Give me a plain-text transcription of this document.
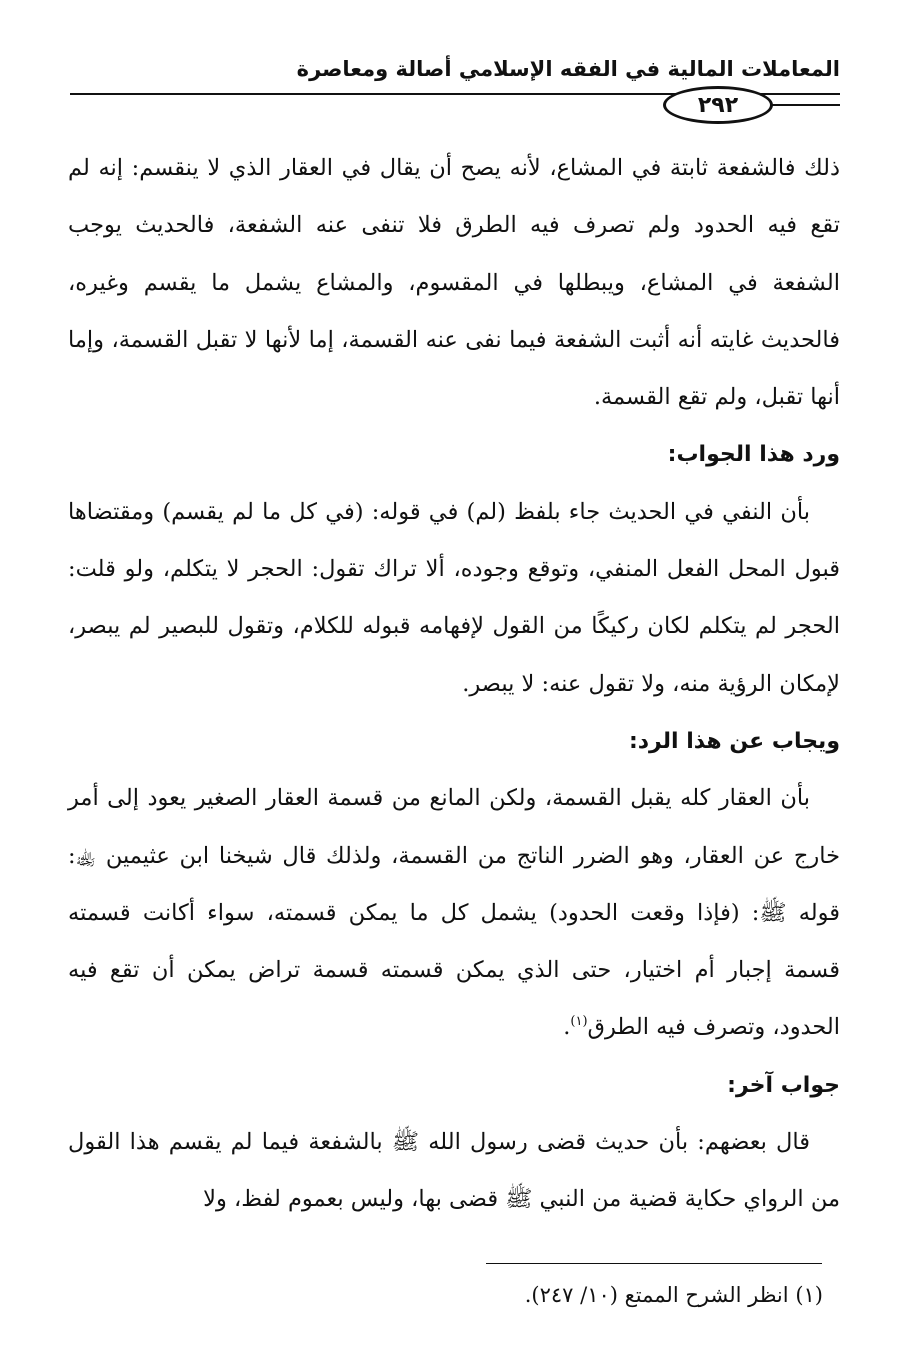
المعاملات المالية في الفقه الإسلامي أصالة ومعاصرة
٢٩٢

ذلك فالشفعة ثابتة في المشاع، لأنه يصح أن يقال في العقار الذي لا ينقسم: إنه لم تقع فيه الحدود ولم تصرف فيه الطرق فلا تنفى عنه الشفعة، فالحديث يوجب الشفعة في المشاع، ويبطلها في المقسوم، والمشاع يشمل ما يقسم وغيره، فالحديث غايته أنه أثبت الشفعة فيما نفى عنه القسمة، إما لأنها لا تقبل القسمة، وإما أنها تقبل، ولم تقع القسمة.

ورد هذا الجواب:

بأن النفي في الحديث جاء بلفظ (لم) في قوله: (في كل ما لم يقسم) ومقتضاها قبول المحل الفعل المنفي، وتوقع وجوده، ألا تراك تقول: الحجر لا يتكلم، ولو قلت: الحجر لم يتكلم لكان ركيكًا من القول لإفهامه قبوله للكلام، وتقول للبصير لم يبصر، لإمكان الرؤية منه، ولا تقول عنه: لا يبصر.

ويجاب عن هذا الرد:

بأن العقار كله يقبل القسمة، ولكن المانع من قسمة العقار الصغير يعود إلى أمر خارج عن العقار، وهو الضرر الناتج من القسمة، ولذلك قال شيخنا ابن عثيمين ﵀: قوله ﷺ: (فإذا وقعت الحدود) يشمل كل ما يمكن قسمته، سواء أكانت قسمته قسمة إجبار أم اختيار، حتى الذي يمكن قسمته قسمة تراض يمكن أن تقع فيه الحدود، وتصرف فيه الطرق$^{(١)}$.

جواب آخر:

قال بعضهم: بأن حديث قضى رسول الله ﷺ بالشفعة فيما لم يقسم هذا القول من الرواي حكاية قضية من النبي ﷺ قضى بها، وليس بعموم لفظ، ولا

(١) انظر الشرح الممتع (١٠/ ٢٤٧).
